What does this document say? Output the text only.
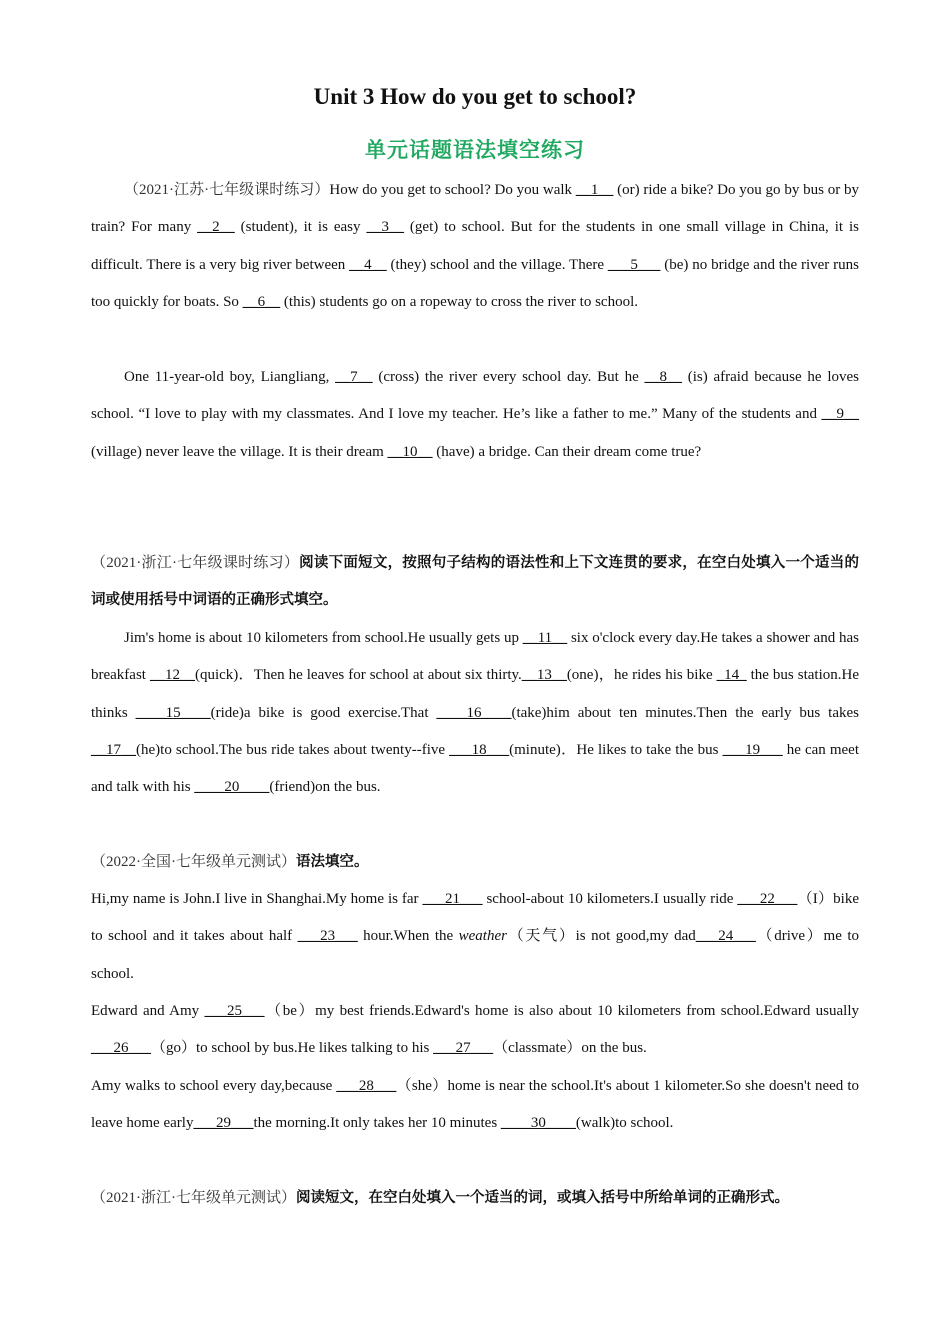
Unit 3 How do you get to school?
单元话题语法填空练习
（2021·江苏·七年级课时练习）How do you get to school? Do you walk __1__ (or) ride a bike? Do you go by bus or by train? For many __2__ (student), it is easy __3__ (get) to school. But for the students in one small village in China, it is difficult. There is a very big river between __4__ (they) school and the village. There ___5___ (be) no bridge and the river runs too quickly for boats. So __6__ (this) students go on a ropeway to cross the river to school.
One 11-year-old boy, Liangliang, __7__ (cross) the river every school day. But he __8__ (is) afraid because he loves school. “I love to play with my classmates. And I love my teacher. He’s like a father to me.” Many of the students and __9__ (village) never leave the village. It is their dream __10__ (have) a bridge. Can their dream come true?
（2021·浙江·七年级课时练习）阅读下面短文，按照句子结构的语法性和上下文连贯的要求，在空白处填入一个适当的词或使用括号中词语的正确形式填空。
Jim's home is about 10 kilometers from school.He usually gets up __11__ six o'clock every day.He takes a shower and has breakfast __12__(quick)．Then he leaves for school at about six thirty.__13__(one)，he rides his bike _14_ the bus station.He thinks ____15____(ride)a bike is good exercise.That ____16____(take)him about ten minutes.Then the early bus takes __17__(he)to school.The bus ride takes about twenty--five ___18___(minute)．He likes to take the bus ___19___ he can meet and talk with his ____20____(friend)on the bus.
（2022·全国·七年级单元测试）语法填空。
Hi,my name is John.I live in Shanghai.My home is far ___21___ school-about 10 kilometers.I usually ride ___22___（I）bike to school and it takes about half ___23___ hour.When the weather（天气）is not good,my dad___24___（drive）me to school.
Edward and Amy ___25___（be）my best friends.Edward's home is also about 10 kilometers from school.Edward usually ___26___（go）to school by bus.He likes talking to his ___27___（classmate）on the bus.
Amy walks to school every day,because ___28___（she）home is near the school.It's about 1 kilometer.So she doesn't need to leave home early___29___the morning.It only takes her 10 minutes ____30____(walk)to school.
（2021·浙江·七年级单元测试）阅读短文，在空白处填入一个适当的词，或填入括号中所给单词的正确形式。
